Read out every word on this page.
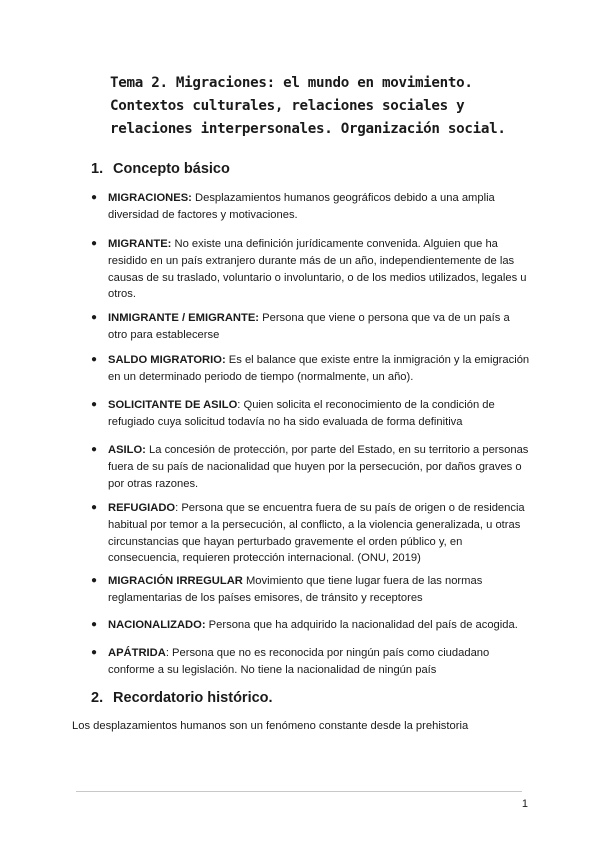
Tema 2. Migraciones: el mundo en movimiento. Contextos culturales, relaciones sociales y relaciones interpersonales. Organización social.
1. Concepto básico
● MIGRACIONES: Desplazamientos humanos geográficos debido a una amplia diversidad de factores y motivaciones.
● MIGRANTE: No existe una definición jurídicamente convenida. Alguien que ha residido en un país extranjero durante más de un año, independientemente de las causas de su traslado, voluntario o involuntario, o de los medios utilizados, legales u otros.
● INMIGRANTE / EMIGRANTE: Persona que viene o persona que va de un país a otro para establecerse
● SALDO MIGRATORIO: Es el balance que existe entre la inmigración y la emigración en un determinado periodo de tiempo (normalmente, un año).
● SOLICITANTE DE ASILO: Quien solicita el reconocimiento de la condición de refugiado cuya solicitud todavía no ha sido evaluada de forma definitiva
● ASILO: La concesión de protección, por parte del Estado, en su territorio a personas fuera de su país de nacionalidad que huyen por la persecución, por daños graves o por otras razones.
● REFUGIADO: Persona que se encuentra fuera de su país de origen o de residencia habitual por temor a la persecución, al conflicto, a la violencia generalizada, u otras circunstancias que hayan perturbado gravemente el orden público y, en consecuencia, requieren protección internacional. (ONU, 2019)
● MIGRACIÓN IRREGULAR Movimiento que tiene lugar fuera de las normas reglamentarias de los países emisores, de tránsito y receptores
● NACIONALIZADO: Persona que ha adquirido la nacionalidad del país de acogida.
● APÁTRIDA: Persona que no es reconocida por ningún país como ciudadano conforme a su legislación. No tiene la nacionalidad de ningún país
2. Recordatorio histórico.
Los desplazamientos humanos son un fenómeno constante desde la prehistoria
1
